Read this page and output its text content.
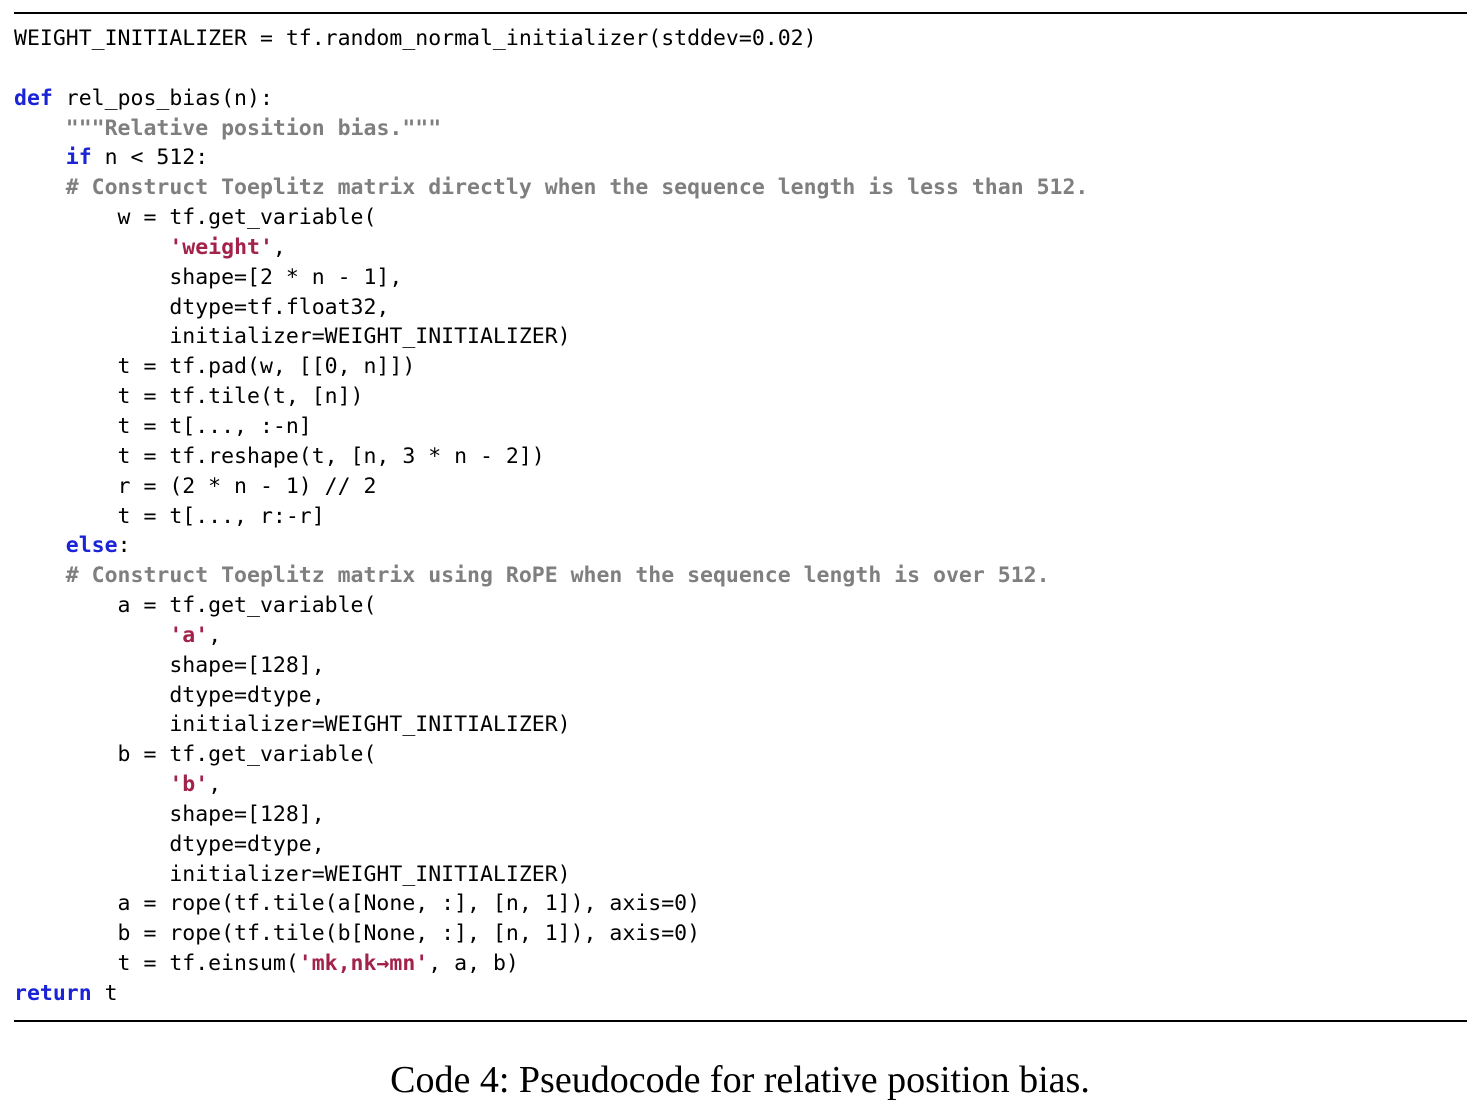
WEIGHT_INITIALIZER = tf.random_normal_initializer(stddev=0.02)
def rel_pos_bias(n):
"""Relative position bias."""
if n < 512:
# Construct Toeplitz matrix directly when the sequence length is less than 512.
w = tf.get_variable(
'weight',
shape=[2 * n - 1],
dtype=tf.float32,
initializer=WEIGHT_INITIALIZER)
t = tf.pad(w, [[0, n]])
t = tf.tile(t, [n])
t = t[..., :-n]
t = tf.reshape(t, [n, 3 * n - 2])
r = (2 * n - 1) // 2
t = t[..., r:-r]
else:
# Construct Toeplitz matrix using RoPE when the sequence length is over 512.
a = tf.get_variable(
'a',
shape=[128],
dtype=dtype,
initializer=WEIGHT_INITIALIZER)
b = tf.get_variable(
'b',
shape=[128],
dtype=dtype,
initializer=WEIGHT_INITIALIZER)
a = rope(tf.tile(a[None, :], [n, 1]), axis=0)
b = rope(tf.tile(b[None, :], [n, 1]), axis=0)
t = tf.einsum('mk,nk→mn', a, b)
return t
Code 4: Pseudocode for relative position bias.
